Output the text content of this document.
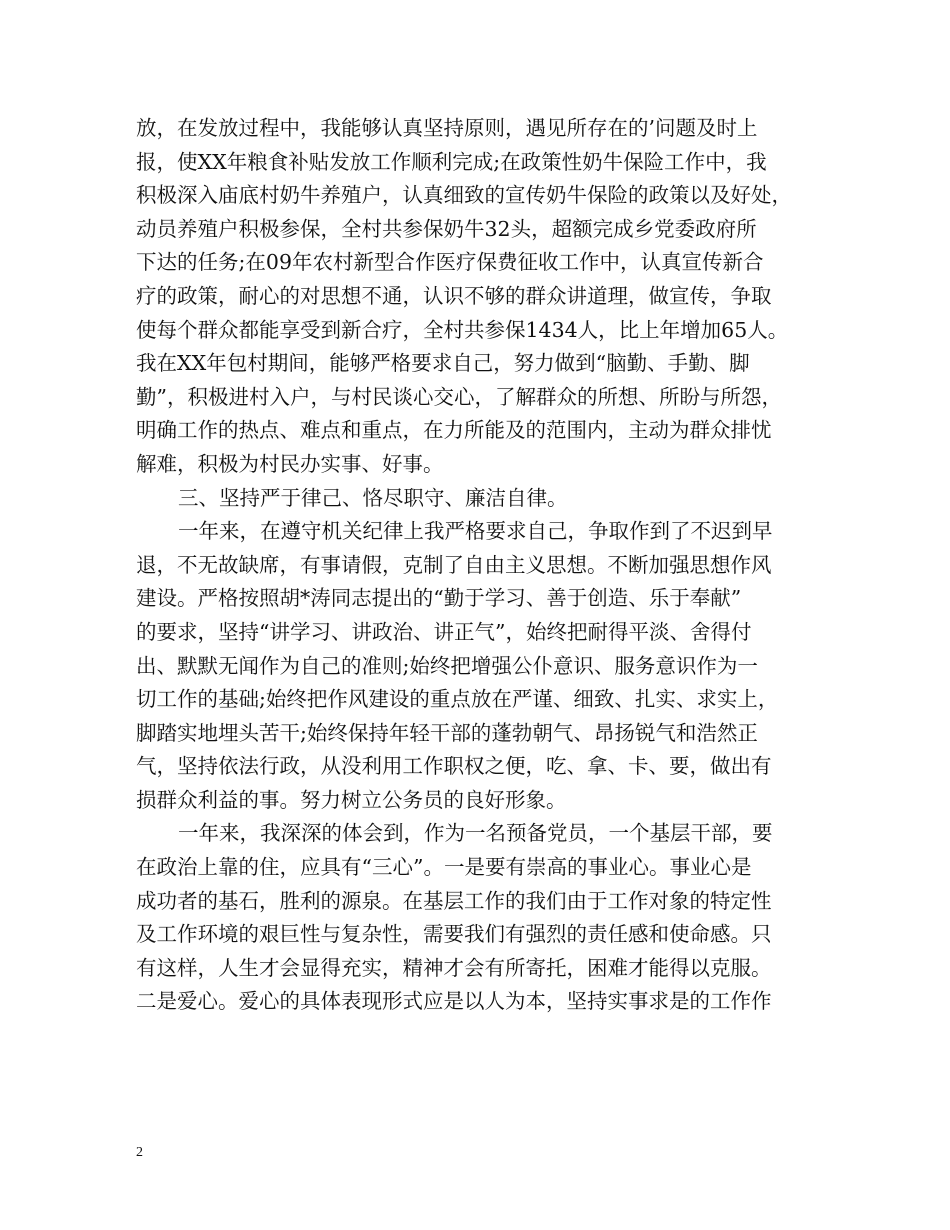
放，在发放过程中，我能够认真坚持原则，遇见所存在的’问题及时上

报，使XX年粮食补贴发放工作顺利完成;在政策性奶牛保险工作中，我

积极深入庙底村奶牛养殖户，认真细致的宣传奶牛保险的政策以及好处，

动员养殖户积极参保，全村共参保奶牛32头，超额完成乡党委政府所

下达的任务;在09年农村新型合作医疗保费征收工作中，认真宣传新合

疗的政策，耐心的对思想不通，认识不够的群众讲道理，做宣传，争取

使每个群众都能享受到新合疗，全村共参保1434人，比上年增加65人。

我在XX年包村期间，能够严格要求自己，努力做到“脑勤、手勤、脚

勤”，积极进村入户，与村民谈心交心，了解群众的所想、所盼与所怨，

明确工作的热点、难点和重点，在力所能及的范围内，主动为群众排忧

解难，积极为村民办实事、好事。

三、坚持严于律己、恪尽职守、廉洁自律。

一年来，在遵守机关纪律上我严格要求自己，争取作到了不迟到早

退，不无故缺席，有事请假，克制了自由主义思想。不断加强思想作风

建设。严格按照胡*涛同志提出的“勤于学习、善于创造、乐于奉献”

的要求，坚持“讲学习、讲政治、讲正气”，始终把耐得平淡、舍得付

出、默默无闻作为自己的准则;始终把增强公仆意识、服务意识作为一

切工作的基础;始终把作风建设的重点放在严谨、细致、扎实、求实上，

脚踏实地埋头苦干;始终保持年轻干部的蓬勃朝气、昂扬锐气和浩然正

气，坚持依法行政，从没利用工作职权之便，吃、拿、卡、要，做出有

损群众利益的事。努力树立公务员的良好形象。

一年来，我深深的体会到，作为一名预备党员，一个基层干部，要

在政治上靠的住，应具有“三心”。一是要有崇高的事业心。事业心是

成功者的基石，胜利的源泉。在基层工作的我们由于工作对象的特定性

及工作环境的艰巨性与复杂性，需要我们有强烈的责任感和使命感。只

有这样，人生才会显得充实，精神才会有所寄托，困难才能得以克服。

二是爱心。爱心的具体表现形式应是以人为本，坚持实事求是的工作作

2
